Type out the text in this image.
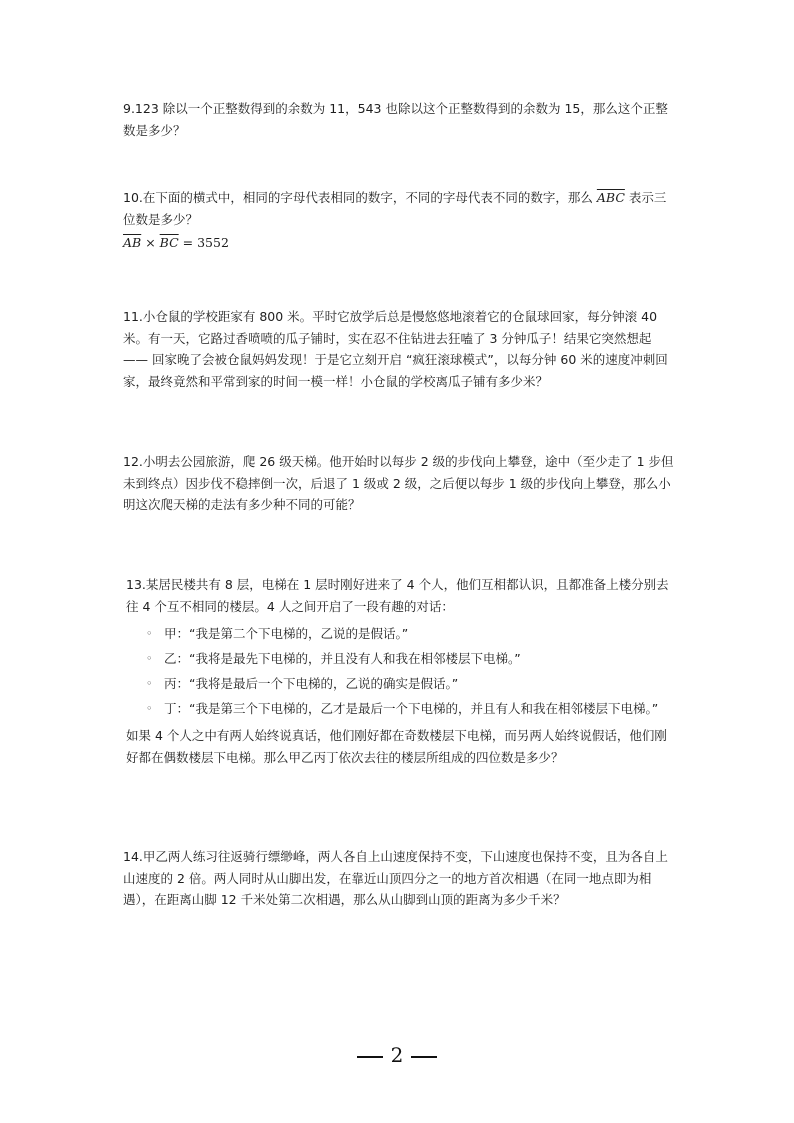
9.123 除以一个正整数得到的余数为 11，543 也除以这个正整数得到的余数为 15，那么这个正整数是多少？

10.在下面的横式中，相同的字母代表相同的数字，不同的字母代表不同的数字，那么 $\overline{ABC}$ 表示三位数是多少？

$\overline{AB} \times \overline{BC} = 3552$

11.小仓鼠的学校距家有 800 米。平时它放学后总是慢悠悠地滚着它的仓鼠球回家，每分钟滚 40 米。有一天，它路过香喷喷的瓜子铺时，实在忍不住钻进去狂嗑了 3 分钟瓜子！结果它突然想起 —— 回家晚了会被仓鼠妈妈发现！于是它立刻开启 “疯狂滚球模式”，以每分钟 60 米的速度冲刺回家，最终竟然和平常到家的时间一模一样！小仓鼠的学校离瓜子铺有多少米？

12.小明去公园旅游，爬 26 级天梯。他开始时以每步 2 级的步伐向上攀登，途中（至少走了 1 步但未到终点）因步伐不稳摔倒一次，后退了 1 级或 2 级，之后便以每步 1 级的步伐向上攀登，那么小明这次爬天梯的走法有多少种不同的可能？

13.某居民楼共有 8 层，电梯在 1 层时刚好进来了 4 个人，他们互相都认识，且都准备上楼分别去往 4 个互不相同的楼层。4 人之间开启了一段有趣的对话：

◦ 甲：“我是第二个下电梯的，乙说的是假话。”
◦ 乙：“我将是最先下电梯的，并且没有人和我在相邻楼层下电梯。”
◦ 丙：“我将是最后一个下电梯的，乙说的确实是假话。”
◦ 丁：“我是第三个下电梯的，乙才是最后一个下电梯的，并且有人和我在相邻楼层下电梯。”

如果 4 个人之中有两人始终说真话，他们刚好都在奇数楼层下电梯，而另两人始终说假话，他们刚好都在偶数楼层下电梯。那么甲乙丙丁依次去往的楼层所组成的四位数是多少？

14.甲乙两人练习往返骑行缥缈峰，两人各自上山速度保持不变，下山速度也保持不变，且为各自上山速度的 2 倍。两人同时从山脚出发，在靠近山顶四分之一的地方首次相遇（在同一地点即为相遇），在距离山脚 12 千米处第二次相遇，那么从山脚到山顶的距离为多少千米？

2
